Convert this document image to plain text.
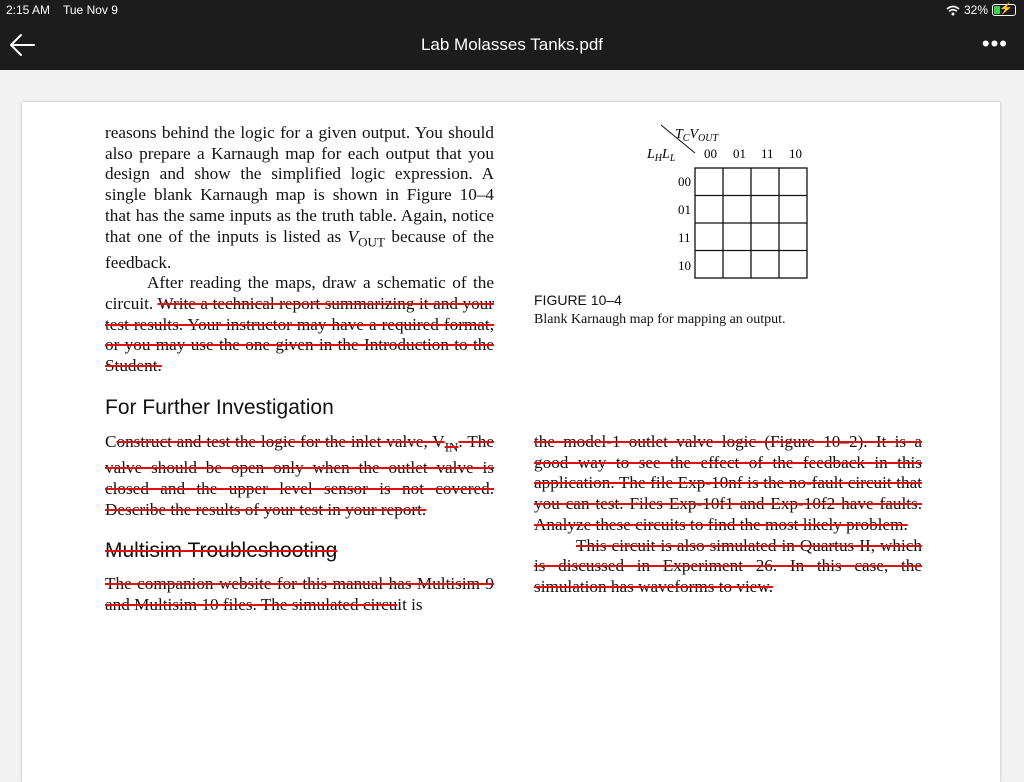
2:15 AM Tue Nov 9	32% ⚡
Lab Molasses Tanks.pdf	•••
reasons behind the logic for a given output. You should also prepare a Karnaugh map for each output that you design and show the simplified logic expression. A single blank Karnaugh map is shown in Figure 10–4 that has the same inputs as the truth table. Again, notice that one of the inputs is listed as $V_{OUT}$ because of the feedback.
After reading the maps, draw a schematic of the circuit. Write a technical report summarizing it and your test results. Your instructor may have a required format, or you may use the one given in the Introduction to the Student.
$T_CV_{OUT}$
$L_HL_L$ 00 01 11 10
00
01
11
10
FIGURE 10–4
Blank Karnaugh map for mapping an output.
For Further Investigation
Construct and test the logic for the inlet valve, $V_{IN}$. The valve should be open only when the outlet valve is closed and the upper level sensor is not covered. Describe the results of your test in your report.
Multisim Troubleshooting
The companion website for this manual has Multisim 9 and Multisim 10 files. The simulated circuit is
the model-1 outlet valve logic (Figure 10–2). It is a good way to see the effect of the feedback in this application. The file Exp-10nf is the no-fault circuit that you can test. Files Exp-10f1 and Exp-10f2 have faults. Analyze these circuits to find the most likely problem.
This circuit is also simulated in Quartus II, which is discussed in Experiment 26. In this case, the simulation has waveforms to view.
